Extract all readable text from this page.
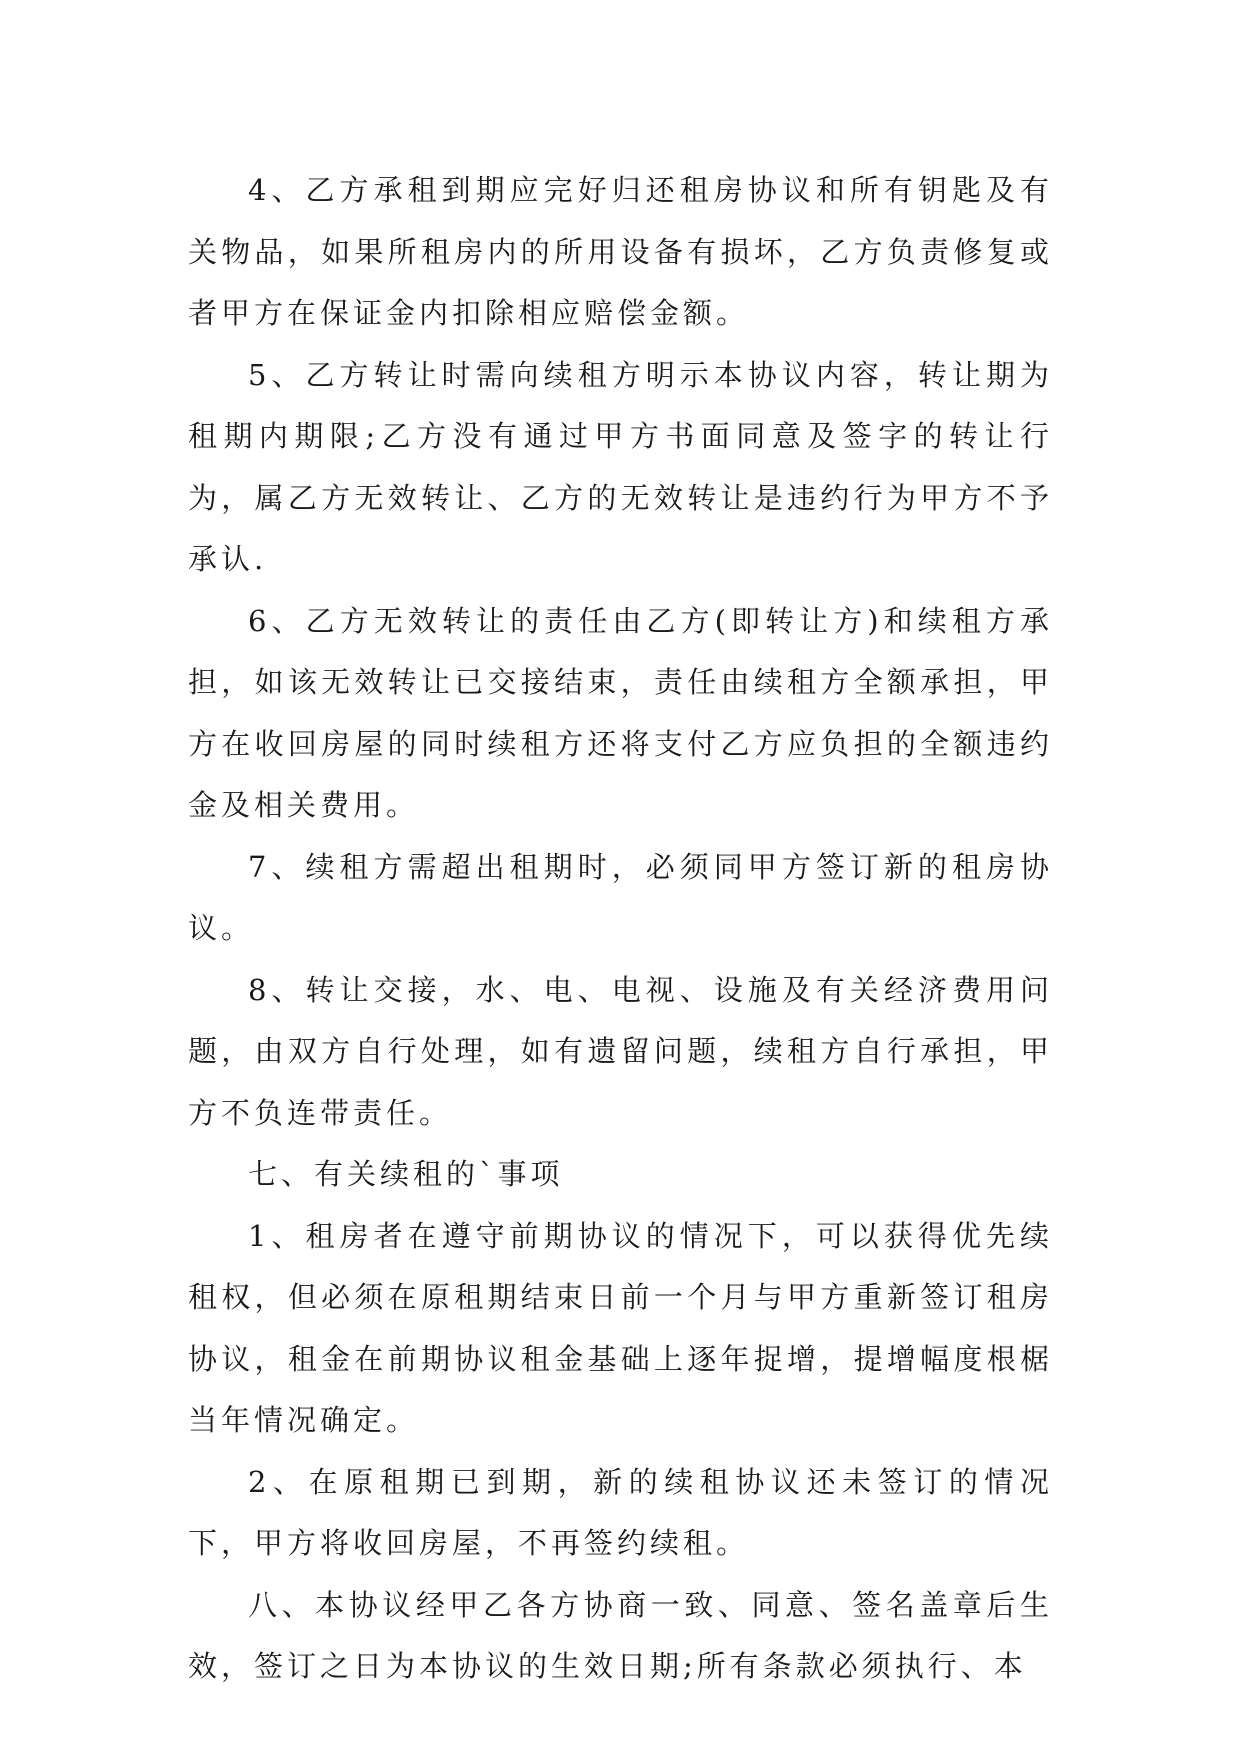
4、乙方承租到期应完好归还租房协议和所有钥匙及有关物品，如果所租房内的所用设备有损坏，乙方负责修复或者甲方在保证金内扣除相应赔偿金额。

5、乙方转让时需向续租方明示本协议内容，转让期为租期内期限;乙方没有通过甲方书面同意及签字的转让行为，属乙方无效转让、乙方的无效转让是违约行为甲方不予承认.

6、乙方无效转让的责任由乙方(即转让方)和续租方承担，如该无效转让已交接结束，责任由续租方全额承担，甲方在收回房屋的同时续租方还将支付乙方应负担的全额违约金及相关费用。

7、续租方需超出租期时，必须同甲方签订新的租房协议。

8、转让交接，水、电、电视、设施及有关经济费用问题，由双方自行处理，如有遗留问题，续租方自行承担，甲方不负连带责任。

七、有关续租的`事项

1、租房者在遵守前期协议的情况下，可以获得优先续租权，但必须在原租期结束日前一个月与甲方重新签订租房协议，租金在前期协议租金基础上逐年捉增，提增幅度根椐当年情况确定。

2、在原租期已到期，新的续租协议还未签订的情况下，甲方将收回房屋，不再签约续租。

八、本协议经甲乙各方协商一致、同意、签名盖章后生效，签订之日为本协议的生效日期;所有条款必须执行、本
